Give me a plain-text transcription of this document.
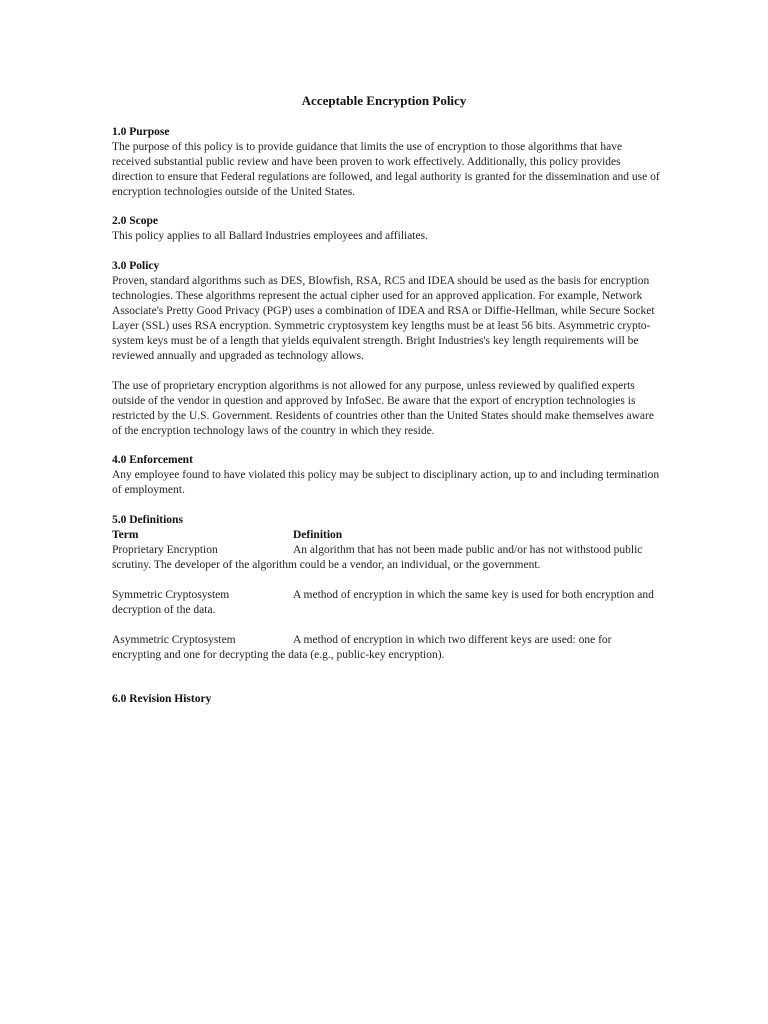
Acceptable Encryption Policy
1.0 Purpose

The purpose of this policy is to provide guidance that limits the use of encryption to those algorithms that have received substantial public review and have been proven to work effectively. Additionally, this policy provides direction to ensure that Federal regulations are followed, and legal authority is granted for the dissemination and use of encryption technologies outside of the United States.

2.0 Scope

This policy applies to all Ballard Industries employees and affiliates.

3.0 Policy

Proven, standard algorithms such as DES, Blowfish, RSA, RC5 and IDEA should be used as the basis for encryption technologies. These algorithms represent the actual cipher used for an approved application. For example, Network Associate's Pretty Good Privacy (PGP) uses a combination of IDEA and RSA or Diffie-Hellman, while Secure Socket Layer (SSL) uses RSA encryption. Symmetric cryptosystem key lengths must be at least 56 bits. Asymmetric crypto-system keys must be of a length that yields equivalent strength. Bright Industries's key length requirements will be reviewed annually and upgraded as technology allows.

The use of proprietary encryption algorithms is not allowed for any purpose, unless reviewed by qualified experts outside of the vendor in question and approved by InfoSec. Be aware that the export of encryption technologies is restricted by the U.S. Government. Residents of countries other than the United States should make themselves aware of the encryption technology laws of the country in which they reside.

4.0 Enforcement

Any employee found to have violated this policy may be subject to disciplinary action, up to and including termination of employment.

5.0 Definitions
Term	Definition
Proprietary Encryption	An algorithm that has not been made public and/or has not withstood public scrutiny. The developer of the algorithm could be a vendor, an individual, or the government.
Symmetric Cryptosystem	A method of encryption in which the same key is used for both encryption and decryption of the data.
Asymmetric Cryptosystem	A method of encryption in which two different keys are used: one for encrypting and one for decrypting the data (e.g., public-key encryption).
6.0 Revision History
